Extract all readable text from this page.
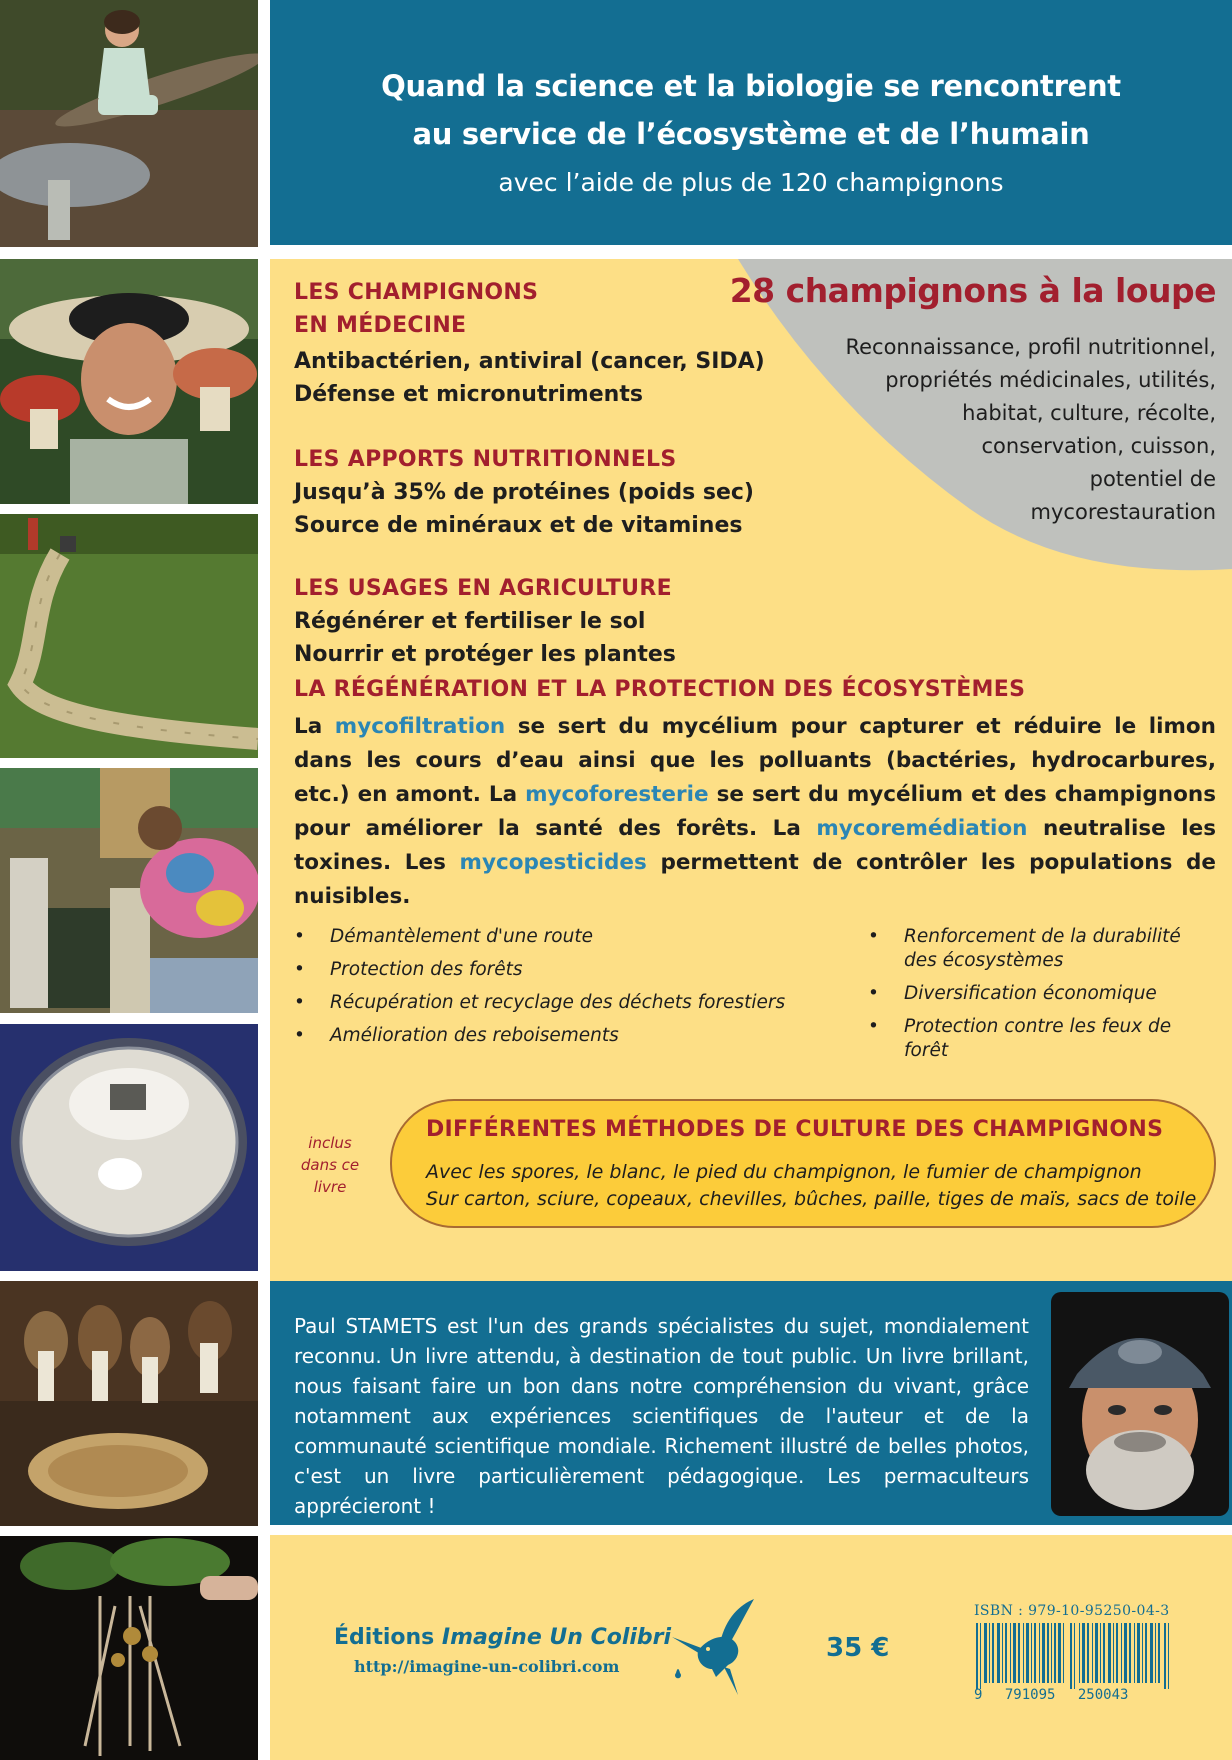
Quand la science et la biologie se rencontrent
au service de l’écosystème et de l’humain
avec l’aide de plus de 120 champignons
28 champignons à la loupe
Reconnaissance, profil nutritionnel,
propriétés médicinales, utilités,
habitat, culture, récolte,
conservation, cuisson,
potentiel de
mycorestauration
LES CHAMPIGNONS
EN MÉDECINE
Antibactérien, antiviral (cancer, SIDA)
Défense et micronutriments
LES APPORTS NUTRITIONNELS
Jusqu’à 35% de protéines (poids sec)
Source de minéraux et de vitamines
LES USAGES EN AGRICULTURE
Régénérer et fertiliser le sol
Nourrir et protéger les plantes
LA RÉGÉNÉRATION ET LA PROTECTION DES ÉCOSYSTÈMES
La mycofiltration se sert du mycélium pour capturer et réduire le limon dans les cours d’eau ainsi que les polluants (bactéries, hydrocarbures, etc.) en amont. La mycoforesterie se sert du mycélium et des champignons pour améliorer la santé des forêts. La mycoremédiation neutralise les toxines. Les mycopesticides permettent de contrôler les populations de nuisibles.
• Démantèlement d'une route
• Protection des forêts
• Récupération et recyclage des déchets forestiers
• Amélioration des reboisements
• Renforcement de la durabilité des écosystèmes
• Diversification économique
• Protection contre les feux de forêt
inclus
dans ce
livre
DIFFÉRENTES MÉTHODES DE CULTURE DES CHAMPIGNONS
Avec les spores, le blanc, le pied du champignon, le fumier de champignon
Sur carton, sciure, copeaux, chevilles, bûches, paille, tiges de maïs, sacs de toile
Paul STAMETS est l'un des grands spécialistes du sujet, mondialement reconnu. Un livre attendu, à destination de tout public. Un livre brillant, nous faisant faire un bon dans notre compréhension du vivant, grâce notamment aux expériences scientifiques de l'auteur et de la communauté scientifique mondiale. Richement illustré de belles photos, c'est un livre particulièrement pédagogique. Les permaculteurs apprécieront !
Éditions Imagine Un Colibri
http://imagine-un-colibri.com
35 €
ISBN : 979-10-95250-04-3
9 791095 250043
